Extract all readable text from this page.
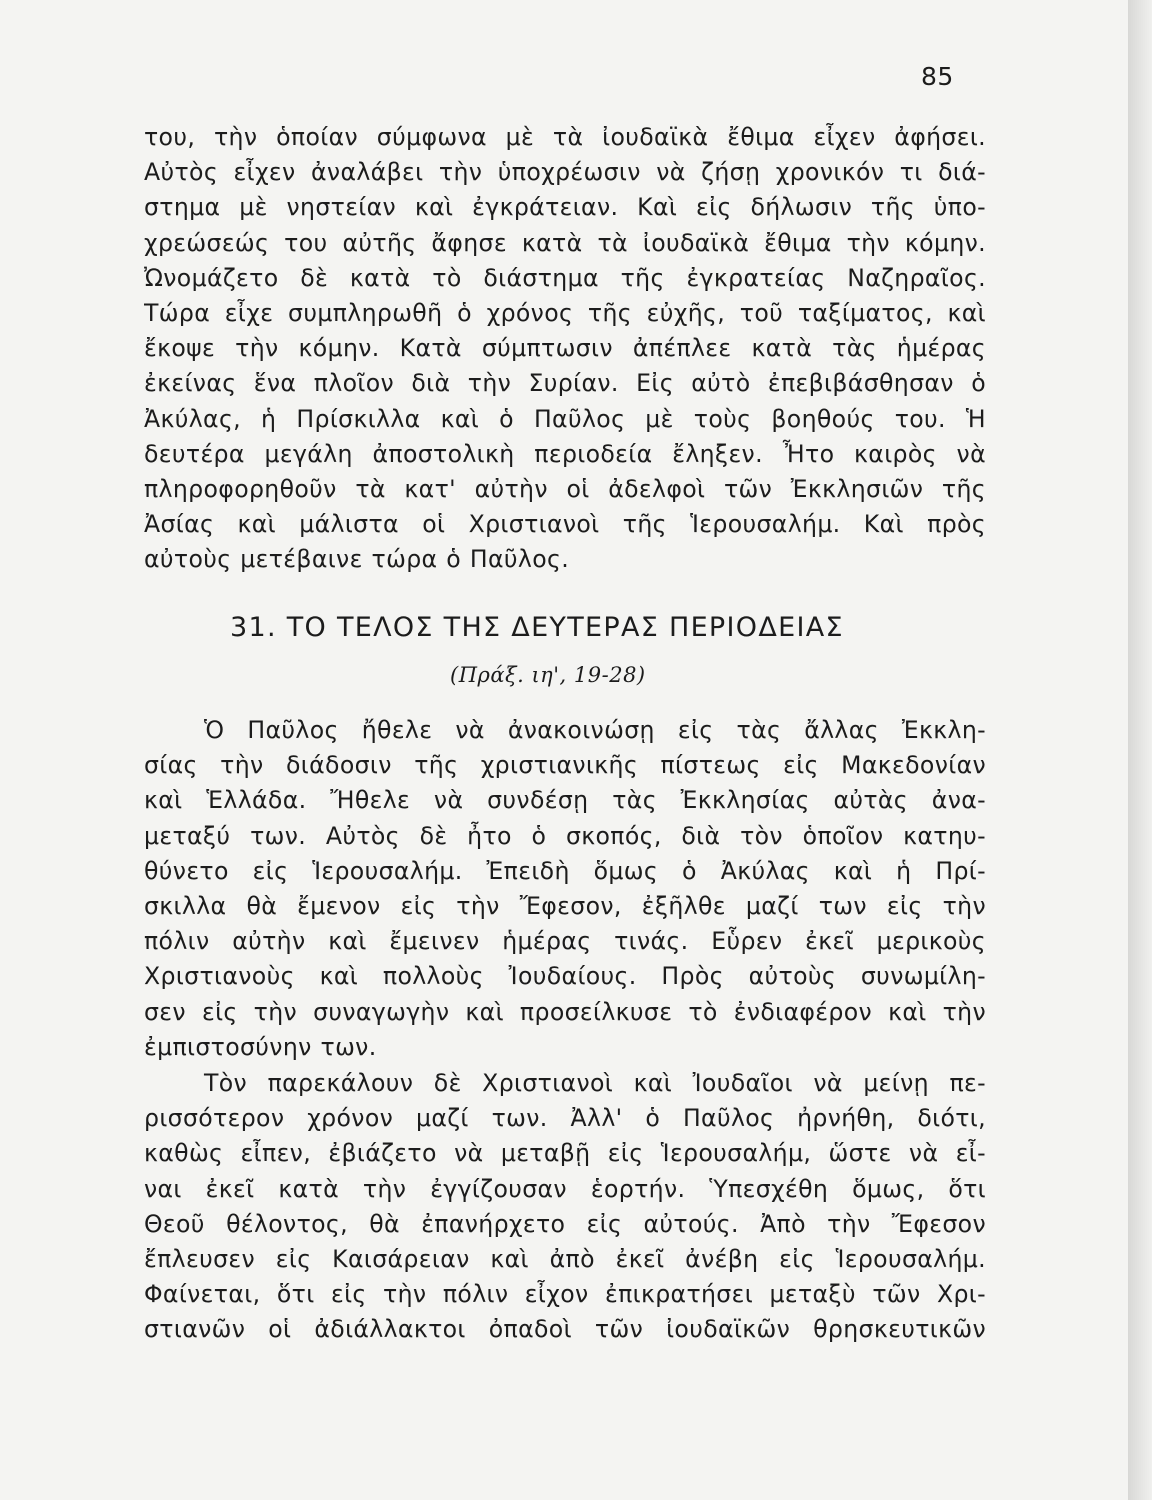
85
του, τὴν ὁποίαν σύμφωνα μὲ τὰ ἰουδαϊκὰ ἔθιμα εἶχεν ἀφήσει.
Αὐτὸς εἶχεν ἀναλάβει τὴν ὑποχρέωσιν νὰ ζήσῃ χρονικόν τι διά-
στημα μὲ νηστείαν καὶ ἐγκράτειαν. Καὶ εἰς δήλωσιν τῆς ὑπο-
χρεώσεώς του αὐτῆς ἄφησε κατὰ τὰ ἰουδαϊκὰ ἔθιμα τὴν κόμην.
Ὠνομάζετο δὲ κατὰ τὸ διάστημα τῆς ἐγκρατείας Ναζηραῖος.
Τώρα εἶχε συμπληρωθῆ ὁ χρόνος τῆς εὐχῆς, τοῦ ταξίματος, καὶ
ἔκοψε τὴν κόμην. Κατὰ σύμπτωσιν ἀπέπλεε κατὰ τὰς ἡμέρας
ἐκείνας ἕνα πλοῖον διὰ τὴν Συρίαν. Εἰς αὐτὸ ἐπεβιβάσθησαν ὁ
Ἀκύλας, ἡ Πρίσκιλλα καὶ ὁ Παῦλος μὲ τοὺς βοηθούς του. Ἡ
δευτέρα μεγάλη ἀποστολικὴ περιοδεία ἔληξεν. Ἦτο καιρὸς νὰ
πληροφορηθοῦν τὰ κατ' αὐτὴν οἱ ἀδελφοὶ τῶν Ἐκκλησιῶν τῆς
Ἀσίας καὶ μάλιστα οἱ Χριστιανοὶ τῆς Ἱερουσαλήμ. Καὶ πρὸς
αὐτοὺς μετέβαινε τώρα ὁ Παῦλος.
31. ΤΟ ΤΕΛΟΣ ΤΗΣ ΔΕΥΤΕΡΑΣ ΠΕΡΙΟΔΕΙΑΣ
(Πράξ. ιη', 19-28)
Ὁ Παῦλος ἤθελε νὰ ἀνακοινώσῃ εἰς τὰς ἄλλας Ἐκκλη-
σίας τὴν διάδοσιν τῆς χριστιανικῆς πίστεως εἰς Μακεδονίαν
καὶ Ἑλλάδα. Ἤθελε νὰ συνδέσῃ τὰς Ἐκκλησίας αὐτὰς ἀνα-
μεταξύ των. Αὐτὸς δὲ ἦτο ὁ σκοπός, διὰ τὸν ὁποῖον κατηυ-
θύνετο εἰς Ἱερουσαλήμ. Ἐπειδὴ ὅμως ὁ Ἀκύλας καὶ ἡ Πρί-
σκιλλα θὰ ἔμενον εἰς τὴν Ἔφεσον, ἐξῆλθε μαζί των εἰς τὴν
πόλιν αὐτὴν καὶ ἔμεινεν ἡμέρας τινάς. Εὗρεν ἐκεῖ μερικοὺς
Χριστιανοὺς καὶ πολλοὺς Ἰουδαίους. Πρὸς αὐτοὺς συνωμίλη-
σεν εἰς τὴν συναγωγὴν καὶ προσείλκυσε τὸ ἐνδιαφέρον καὶ τὴν
ἐμπιστοσύνην των.
Τὸν παρεκάλουν δὲ Χριστιανοὶ καὶ Ἰουδαῖοι νὰ μείνῃ πε-
ρισσότερον χρόνον μαζί των. Ἀλλ' ὁ Παῦλος ἠρνήθη, διότι,
καθὼς εἶπεν, ἐβιάζετο νὰ μεταβῇ εἰς Ἱερουσαλήμ, ὥστε νὰ εἶ-
ναι ἐκεῖ κατὰ τὴν ἐγγίζουσαν ἑορτήν. Ὑπεσχέθη ὅμως, ὅτι
Θεοῦ θέλοντος, θὰ ἐπανήρχετο εἰς αὐτούς. Ἀπὸ τὴν Ἔφεσον
ἔπλευσεν εἰς Καισάρειαν καὶ ἀπὸ ἐκεῖ ἀνέβη εἰς Ἱερουσαλήμ.
Φαίνεται, ὅτι εἰς τὴν πόλιν εἶχον ἐπικρατήσει μεταξὺ τῶν Χρι-
στιανῶν οἱ ἀδιάλλακτοι ὀπαδοὶ τῶν ἰουδαϊκῶν θρησκευτικῶν
